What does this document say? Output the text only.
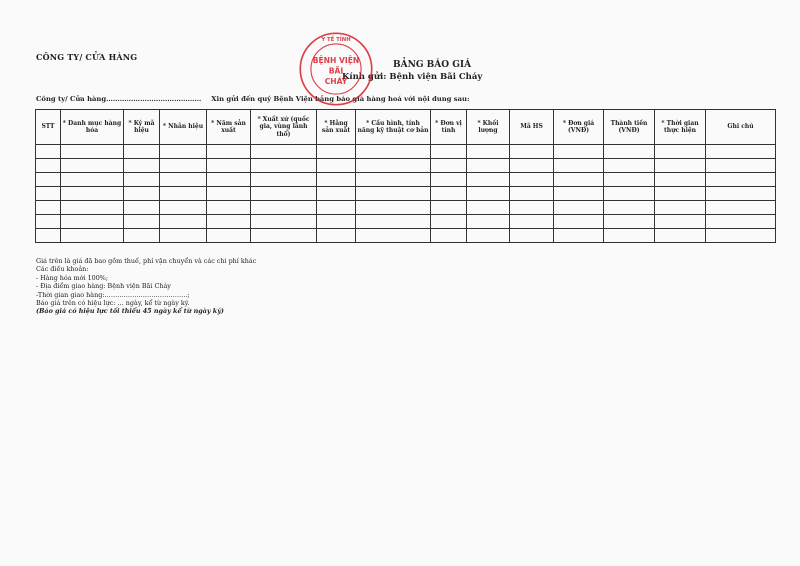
CÔNG TY/ CỬA HÀNG
BẢNG BÁO GIÁ
Kính gửi: Bệnh viện Bãi Cháy
Công ty/ Cửa hàng…………………………………… Xin gửi đến quý Bệnh Viện bảng báo giá hàng hoá với nội dung sau:
STT	* Danh mục hàng hóa	* Ký mã hiệu	* Nhãn hiệu	* Năm sản xuất	* Xuất xứ (quốc gia, vùng lãnh thổ)	* Hãng sản xuất	* Cấu hình, tính năng kỹ thuật cơ bản	* Đơn vị tính	* Khối lượng	Mã HS	* Đơn giá (VNĐ)	Thành tiền (VNĐ)	* Thời gian thực hiện	Ghi chú

Giá trên là giá đã bao gồm thuế, phí vận chuyển và các chi phí khác
Các điều khoản:
- Hàng hóa mới 100%;
- Địa điểm giao hàng: Bệnh viện Bãi Cháy
-Thời gian giao hàng:…………………………………;
Báo giá trên có hiệu lực: … ngày, kể từ ngày ký.
(Báo giá có hiệu lực tối thiểu 45 ngày kể từ ngày ký)
Y TẾ TỈNH
BỆNH VIỆN
BÃI
CHÁY
